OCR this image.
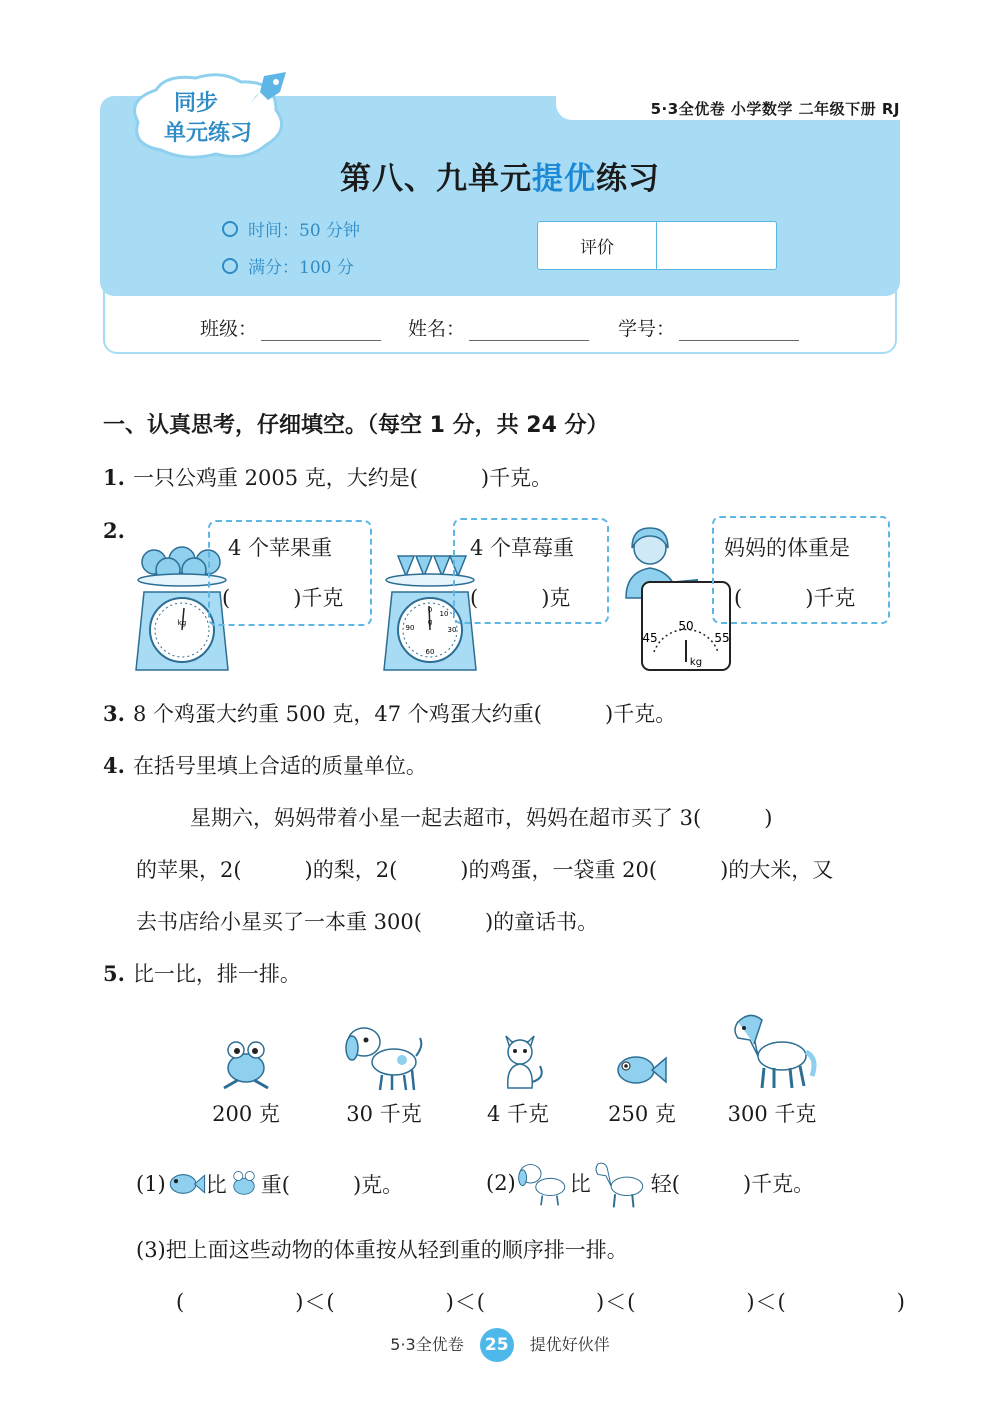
5·3全优卷 小学数学 二年级下册 RJ
同步
单元练习
第八、九单元提优练习
时间：50 分钟
满分：100 分
评价
班级：	姓名：	学号：
一、认真思考，仔细填空。（每空 1 分，共 24 分）
1. 一只公鸡重 2005 克，大约是(　　　)千克。
2.
kg
4 个苹果重
(　　　)千克	0
90
10
30
60
g
4 个草莓重
(　　　)克
50
45	55
kg
妈妈的体重是
(　　　)千克
3. 8 个鸡蛋大约重 500 克，47 个鸡蛋大约重(　　　)千克。
4. 在括号里填上合适的质量单位。
星期六，妈妈带着小星一起去超市，妈妈在超市买了 3(　　　)
的苹果，2(　　　)的梨，2(　　　)的鸡蛋，一袋重 20(　　　)的大米，又
去书店给小星买了一本重 300(　　　)的童话书。
5. 比一比，排一排。
200 克	30 千克	4 千克	250 克	300 千克
(1) 比 重(　　　)克。	(2)	比	轻(　　　)千克。
(3)把上面这些动物的体重按从轻到重的顺序排一排。
(　　　　　)＜(　　　　　)＜(　　　　　)＜(　　　　　)＜(　　　　　)
5·3全优卷 25 提优好伙伴
